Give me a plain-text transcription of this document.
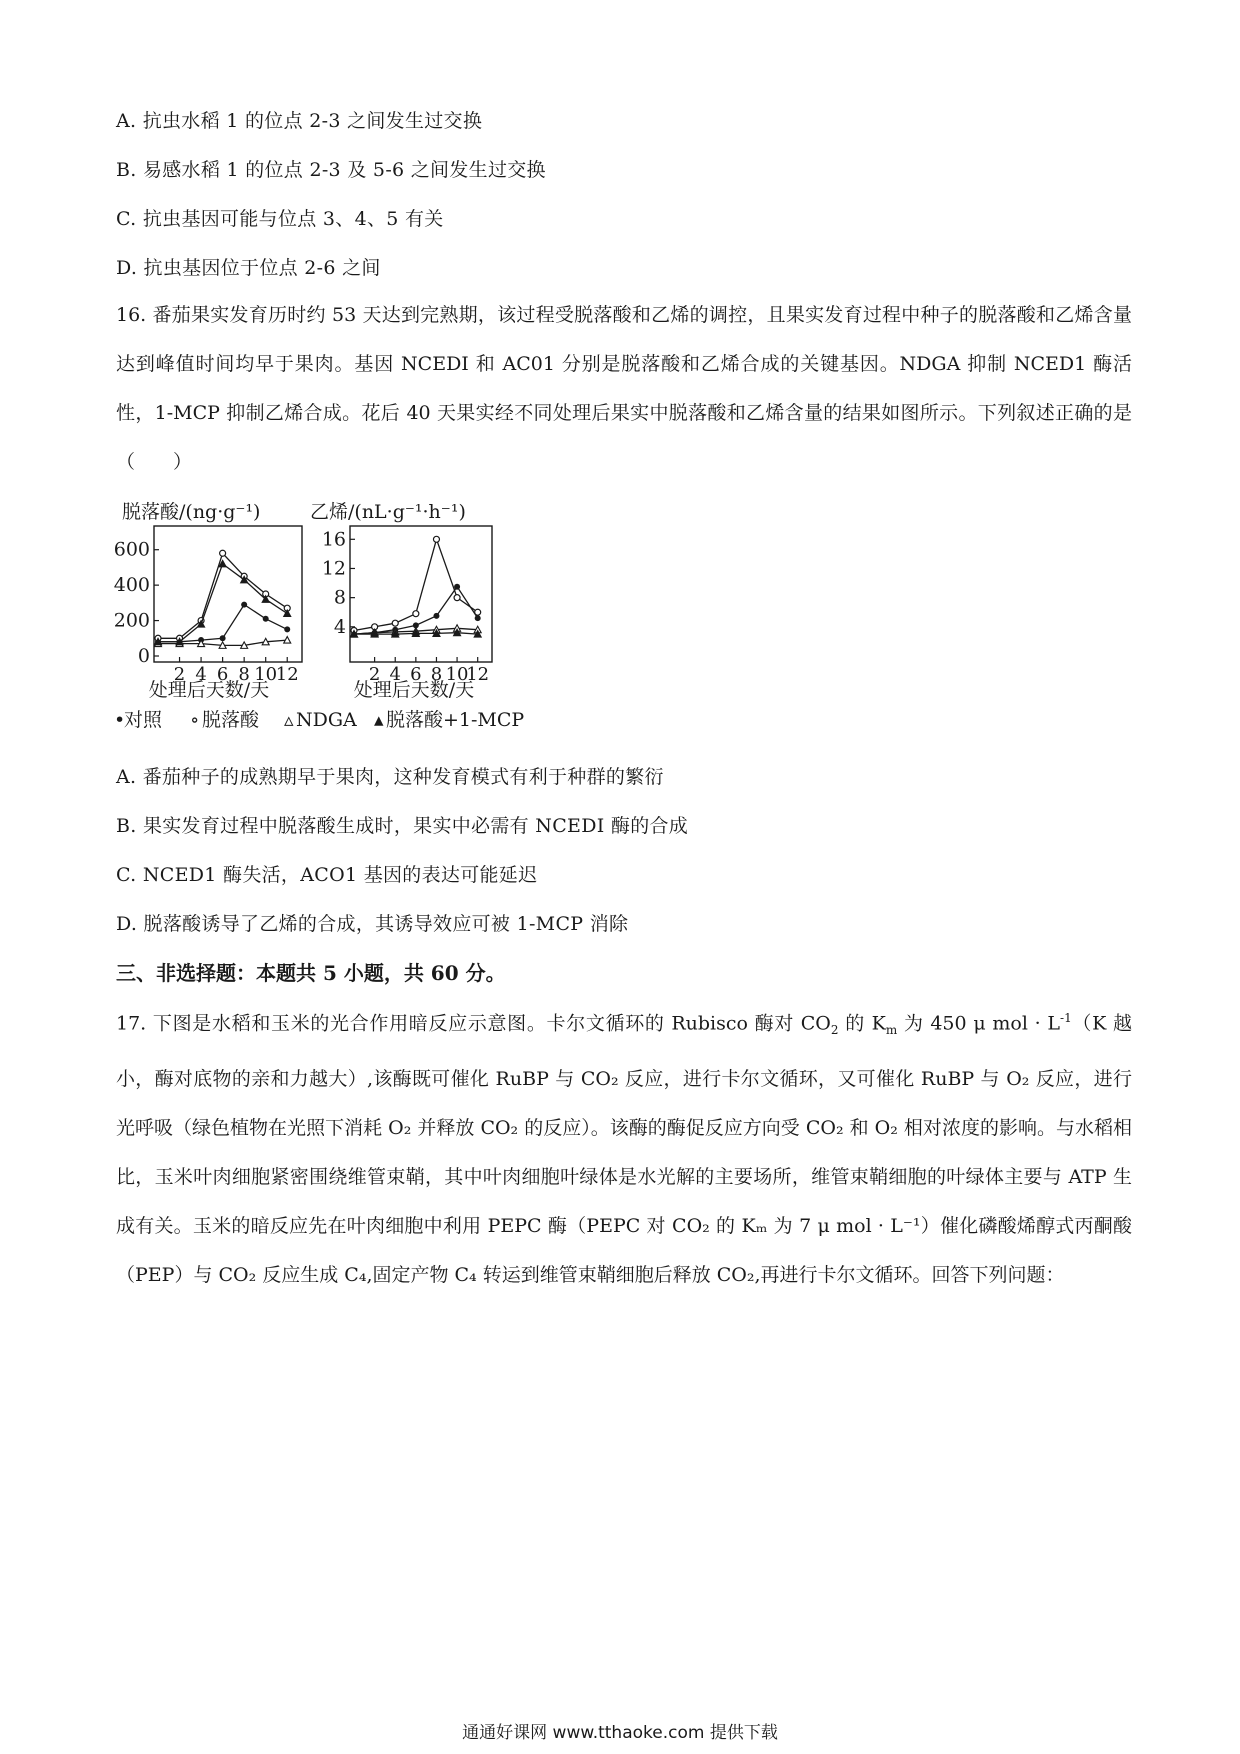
A. 抗虫水稻 1 的位点 2-3 之间发生过交换
B. 易感水稻 1 的位点 2-3 及 5-6 之间发生过交换
C. 抗虫基因可能与位点 3、4、5 有关
D. 抗虫基因位于位点 2-6 之间
16. 番茄果实发育历时约 53 天达到完熟期，该过程受脱落酸和乙烯的调控，且果实发育过程中种子的脱落酸和乙烯含量达到峰值时间均早于果肉。基因 NCEDI 和 AC01 分别是脱落酸和乙烯合成的关键基因。NDGA 抑制 NCED1 酶活性，1-MCP 抑制乙烯合成。花后 40 天果实经不同处理后果实中脱落酸和乙烯含量的结果如图所示。下列叙述正确的是（　　）
脱落酸/(ng·g⁻¹)
0
200
400
600
2 4 6 8 10
12
处理后天数/天
乙烯/(nL·g⁻¹·h⁻¹)
4
8
12
16
2 4 6 8 10
12
处理后天数/天
•
对照 ∘ 脱落酸 ▵ NDGA ▴ 脱落酸+1-MCP
A. 番茄种子的成熟期早于果肉，这种发育模式有利于种群的繁衍
B. 果实发育过程中脱落酸生成时，果实中必需有 NCEDI 酶的合成
C. NCED1 酶失活，ACO1 基因的表达可能延迟
D. 脱落酸诱导了乙烯的合成，其诱导效应可被 1-MCP 消除
三、非选择题：本题共 5 小题，共 60 分。
17. 下图是水稻和玉米的光合作用暗反应示意图。卡尔文循环的 Rubisco 酶对 $CO_2$ 的 $K_m$ 为 450 μ mol · $L^{-1}(K$ 越小，酶对底物的亲和力越大）,该酶既可催化 RuBP 与 CO₂ 反应，进行卡尔文循环，又可催化 RuBP 与 O₂ 反应，进行光呼吸（绿色植物在光照下消耗 O₂ 并释放 CO₂ 的反应）。该酶的酶促反应方向受 CO₂ 和 O₂ 相对浓度的影响。与水稻相比，玉米叶肉细胞紧密围绕维管束鞘，其中叶肉细胞叶绿体是水光解的主要场所，维管束鞘细胞的叶绿体主要与 ATP 生成有关。玉米的暗反应先在叶肉细胞中利用 PEPC 酶（PEPC 对 CO₂ 的 Kₘ 为 7 μ mol · L⁻¹）催化磷酸烯醇式丙酮酸（PEP）与 CO₂ 反应生成 C₄,固定产物 C₄ 转运到维管束鞘细胞后释放 CO₂,再进行卡尔文循环。回答下列问题：
通通好课网 www.tthaoke.com 提供下载
